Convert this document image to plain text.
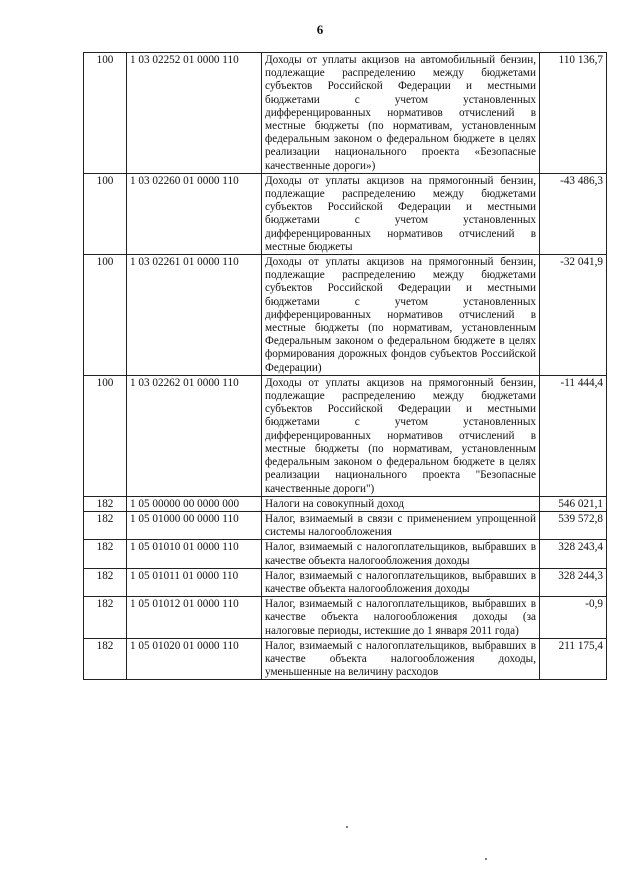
6
100	1 03 02252 01 0000 110	Доходы от уплаты акцизов на автомобильный бензин, подлежащие распределению между бюджетами субъектов Российской Федерации и местными бюджетами с учетом установленных дифференцированных нормативов отчислений в местные бюджеты (по нормативам, установленным федеральным законом о федеральном бюджете в целях реализации национального проекта «Безопасные качественные дороги»)	110 136,7
100	1 03 02260 01 0000 110	Доходы от уплаты акцизов на прямогонный бензин, подлежащие распределению между бюджетами субъектов Российской Федерации и местными бюджетами с учетом установленных дифференцированных нормативов отчислений в местные бюджеты	-43 486,3
100	1 03 02261 01 0000 110	Доходы от уплаты акцизов на прямогонный бензин, подлежащие распределению между бюджетами субъектов Российской Федерации и местными бюджетами с учетом установленных дифференцированных нормативов отчислений в местные бюджеты (по нормативам, установленным Федеральным законом о федеральном бюджете в целях формирования дорожных фондов субъектов Российской Федерации)	-32 041,9
100	1 03 02262 01 0000 110	Доходы от уплаты акцизов на прямогонный бензин, подлежащие распределению между бюджетами субъектов Российской Федерации и местными бюджетами с учетом установленных дифференцированных нормативов отчислений в местные бюджеты (по нормативам, установленным федеральным законом о федеральном бюджете в целях реализации национального проекта "Безопасные качественные дороги")	-11 444,4
182	1 05 00000 00 0000 000	Налоги на совокупный доход	546 021,1
182	1 05 01000 00 0000 110	Налог, взимаемый в связи с применением упрощенной системы налогообложения	539 572,8
182	1 05 01010 01 0000 110	Налог, взимаемый с налогоплательщиков, выбравших в качестве объекта налогообложения доходы	328 243,4
182	1 05 01011 01 0000 110	Налог, взимаемый с налогоплательщиков, выбравших в качестве объекта налогообложения доходы	328 244,3
182	1 05 01012 01 0000 110	Налог, взимаемый с налогоплательщиков, выбравших в качестве объекта налогообложения доходы (за налоговые периоды, истекшие до 1 января 2011 года)	-0,9
182	1 05 01020 01 0000 110	Налог, взимаемый с налогоплательщиков, выбравших в качестве объекта налогообложения доходы, уменьшенные на величину расходов	211 175,4
